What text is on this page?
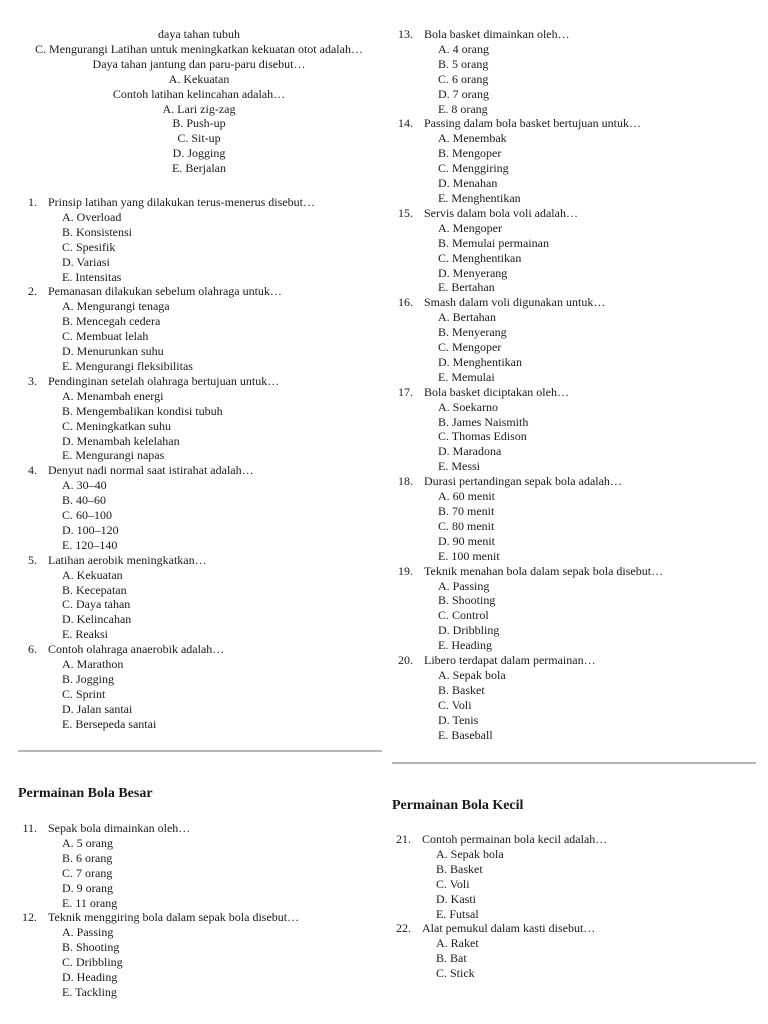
daya tahan tubuh
C. Mengurangi Latihan untuk meningkatkan kekuatan otot adalah…
Daya tahan jantung dan paru-paru disebut…
A. Kekuatan
Contoh latihan kelincahan adalah…
A. Lari zig-zag
B. Push-up
C. Sit-up
D. Jogging
E. Berjalan
1. Prinsip latihan yang dilakukan terus-menerus disebut…
A. Overload
B. Konsistensi
C. Spesifik
D. Variasi
E. Intensitas
2. Pemanasan dilakukan sebelum olahraga untuk…
A. Mengurangi tenaga
B. Mencegah cedera
C. Membuat lelah
D. Menurunkan suhu
E. Mengurangi fleksibilitas
3. Pendinginan setelah olahraga bertujuan untuk…
A. Menambah energi
B. Mengembalikan kondisi tubuh
C. Meningkatkan suhu
D. Menambah kelelahan
E. Mengurangi napas
4. Denyut nadi normal saat istirahat adalah…
A. 30–40
B. 40–60
C. 60–100
D. 100–120
E. 120–140
5. Latihan aerobik meningkatkan…
A. Kekuatan
B. Kecepatan
C. Daya tahan
D. Kelincahan
E. Reaksi
6. Contoh olahraga anaerobik adalah…
A. Marathon
B. Jogging
C. Sprint
D. Jalan santai
E. Bersepeda santai
13. Bola basket dimainkan oleh…
A. 4 orang
B. 5 orang
C. 6 orang
D. 7 orang
E. 8 orang
14. Passing dalam bola basket bertujuan untuk…
A. Menembak
B. Mengoper
C. Menggiring
D. Menahan
E. Menghentikan
15. Servis dalam bola voli adalah…
A. Mengoper
B. Memulai permainan
C. Menghentikan
D. Menyerang
E. Bertahan
16. Smash dalam voli digunakan untuk…
A. Bertahan
B. Menyerang
C. Mengoper
D. Menghentikan
E. Memulai
17. Bola basket diciptakan oleh…
A. Soekarno
B. James Naismith
C. Thomas Edison
D. Maradona
E. Messi
18. Durasi pertandingan sepak bola adalah…
A. 60 menit
B. 70 menit
C. 80 menit
D. 90 menit
E. 100 menit
19. Teknik menahan bola dalam sepak bola disebut…
A. Passing
B. Shooting
C. Control
D. Dribbling
E. Heading
20. Libero terdapat dalam permainan…
A. Sepak bola
B. Basket
C. Voli
D. Tenis
E. Baseball
Permainan Bola Besar
11. Sepak bola dimainkan oleh…
A. 5 orang
B. 6 orang
C. 7 orang
D. 9 orang
E. 11 orang
12. Teknik menggiring bola dalam sepak bola disebut…
A. Passing
B. Shooting
C. Dribbling
D. Heading
E. Tackling
Permainan Bola Kecil
21. Contoh permainan bola kecil adalah…
A. Sepak bola
B. Basket
C. Voli
D. Kasti
E. Futsal
22. Alat pemukul dalam kasti disebut…
A. Raket
B. Bat
C. Stick
